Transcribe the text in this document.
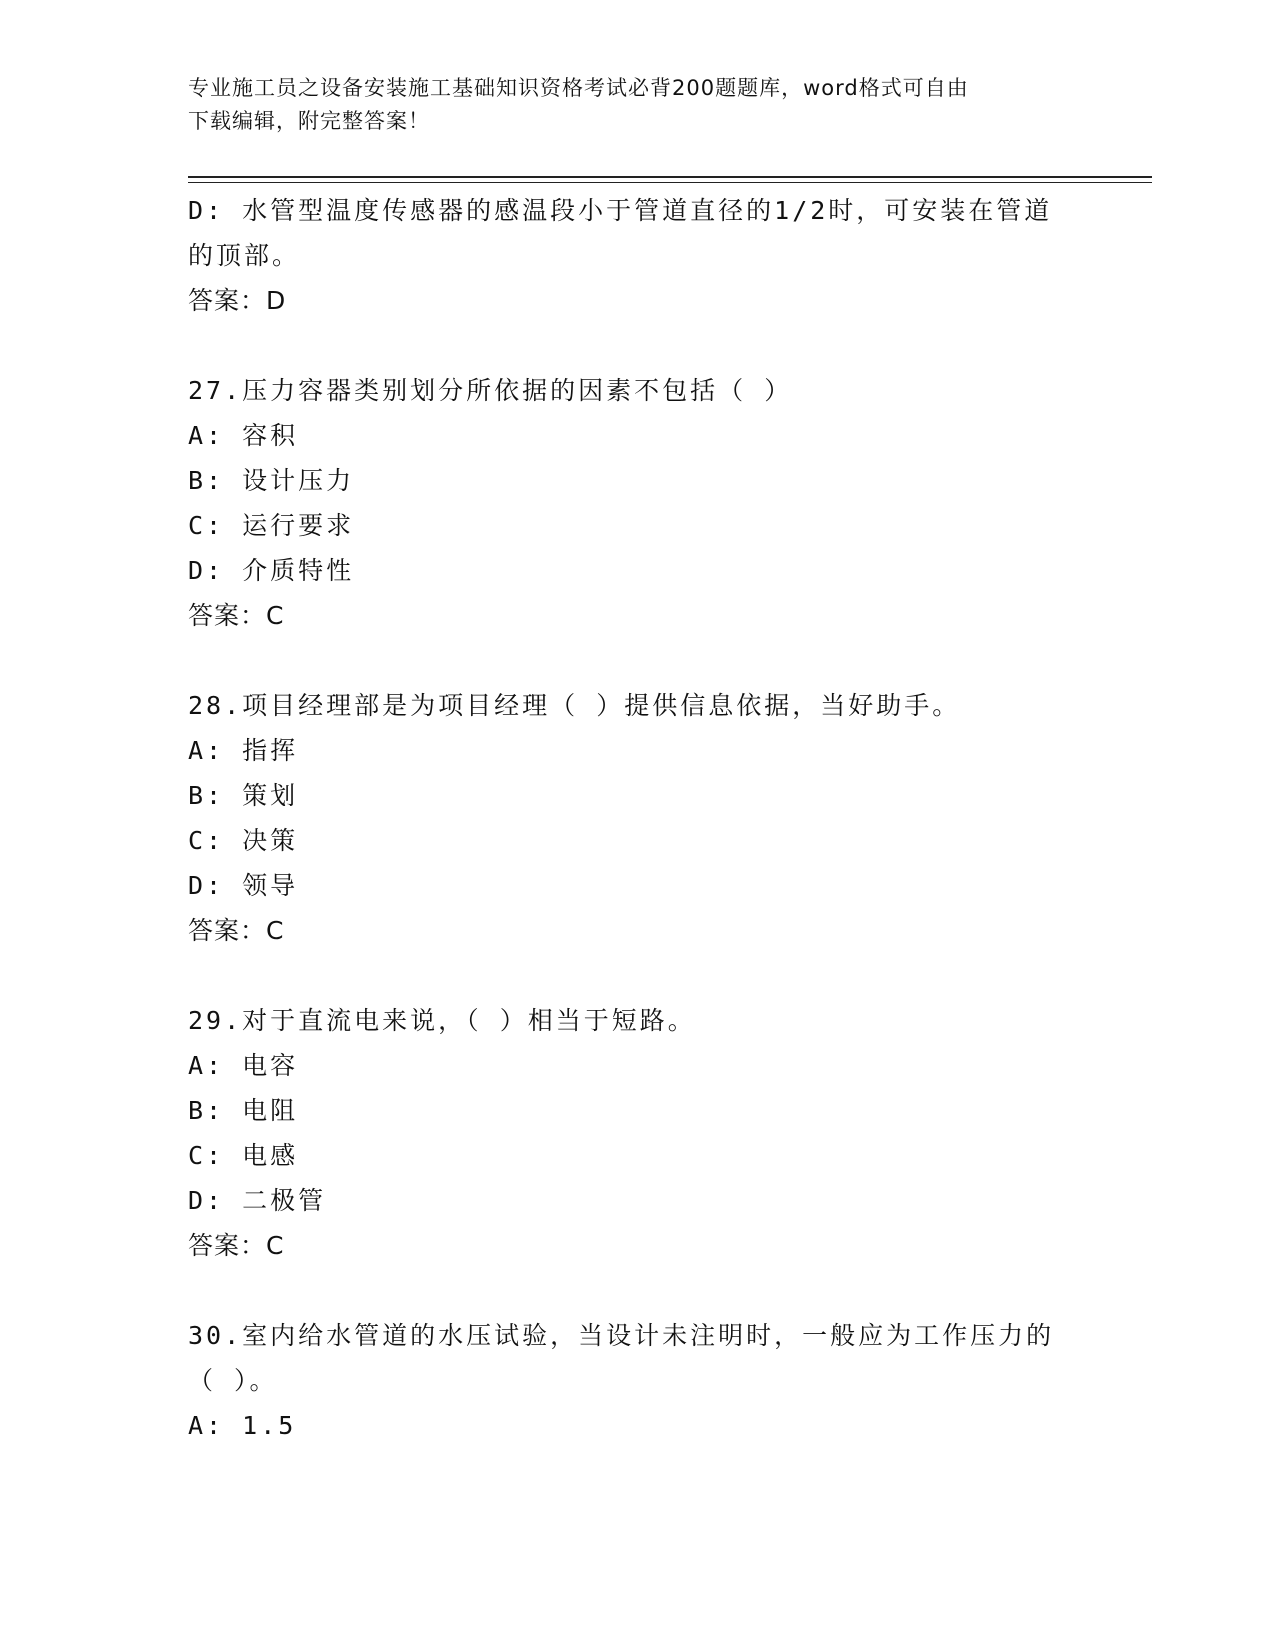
专业施工员之设备安装施工基础知识资格考试必背200题题库，word格式可自由
下载编辑，附完整答案！

D: 水管型温度传感器的感温段小于管道直径的1/2时，可安装在管道

的顶部。

答案：D

27.压力容器类别划分所依据的因素不包括（ ）

A: 容积

B: 设计压力

C: 运行要求

D: 介质特性

答案：C

28.项目经理部是为项目经理（ ）提供信息依据，当好助手。

A: 指挥

B: 策划

C: 决策

D: 领导

答案：C

29.对于直流电来说，（ ）相当于短路。

A: 电容

B: 电阻

C: 电感

D: 二极管

答案：C

30.室内给水管道的水压试验，当设计未注明时，一般应为工作压力的

（ ）。

A: 1.5
